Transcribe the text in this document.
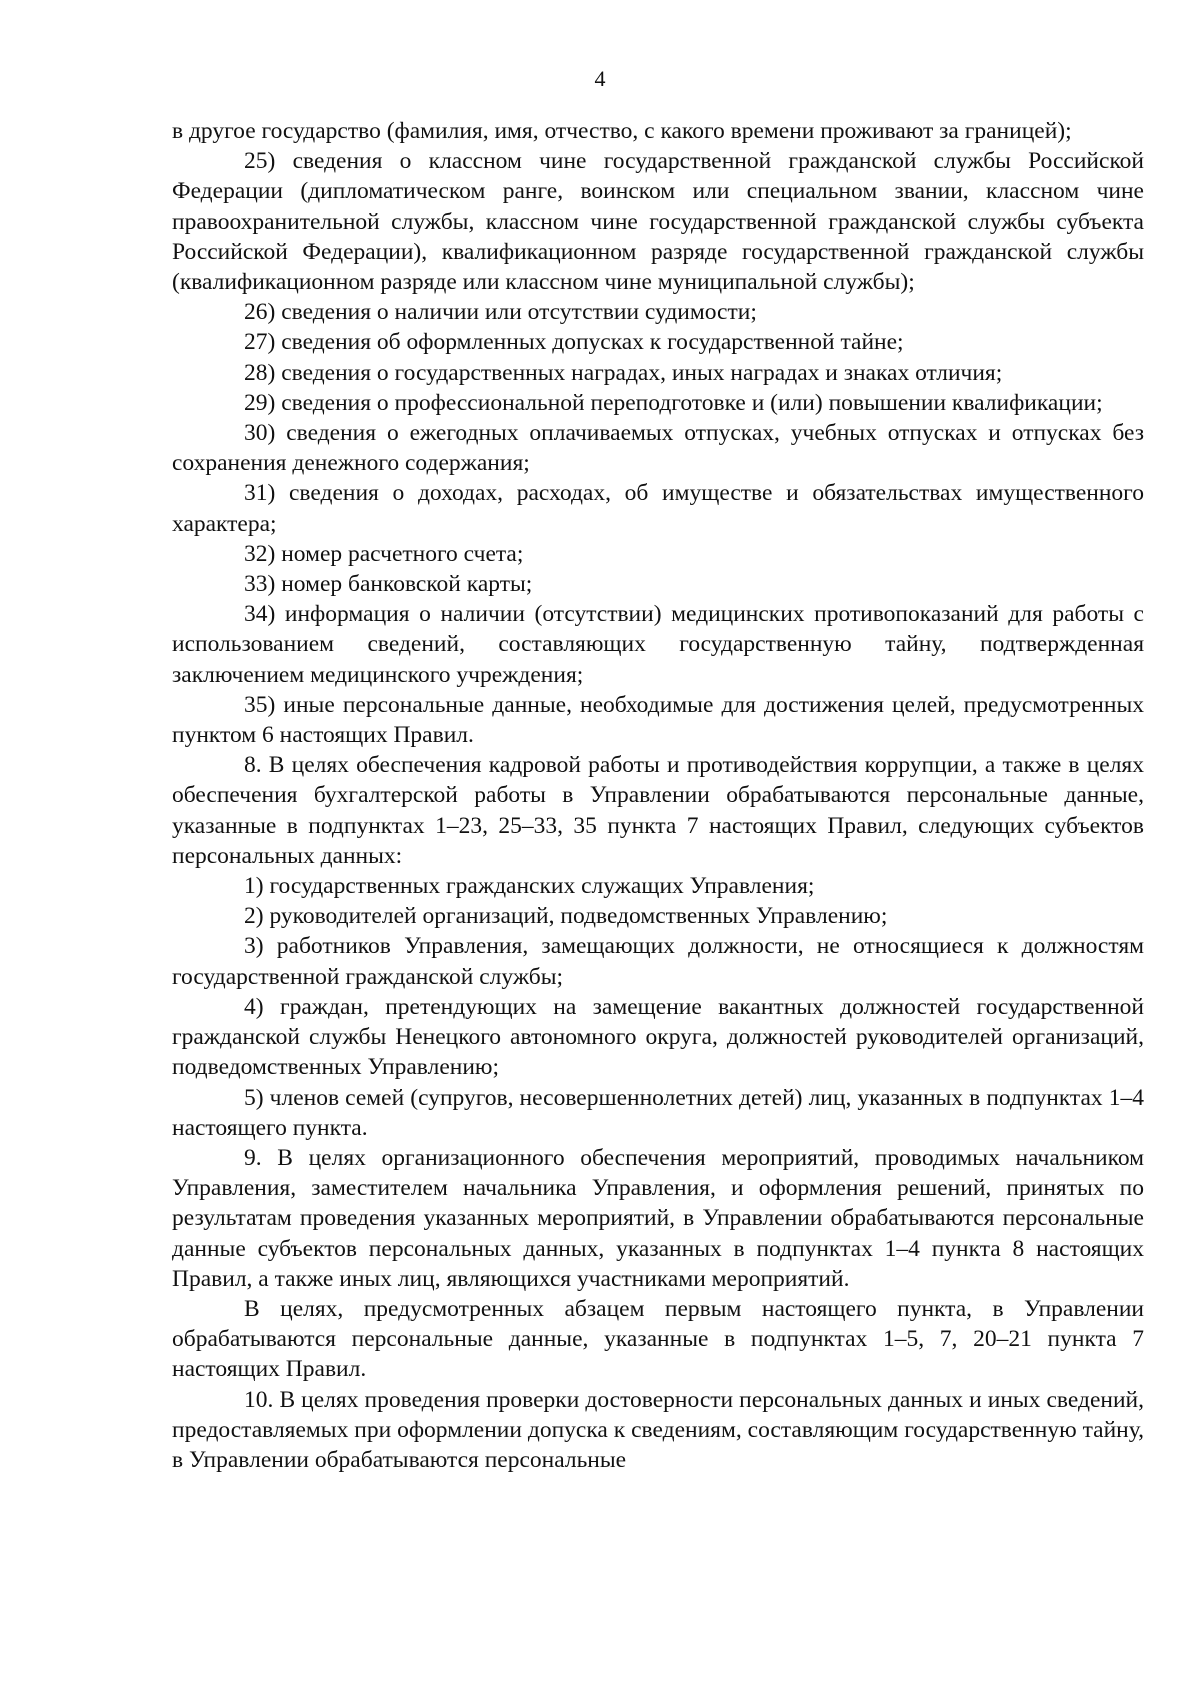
4

в другое государство (фамилия, имя, отчество, с какого времени проживают за границей);

25) сведения о классном чине государственной гражданской службы Российской Федерации (дипломатическом ранге, воинском или специальном звании, классном чине правоохранительной службы, классном чине государственной гражданской службы субъекта Российской Федерации), квалификационном разряде государственной гражданской службы (квалификационном разряде или классном чине муниципальной службы);

26) сведения о наличии или отсутствии судимости;

27) сведения об оформленных допусках к государственной тайне;

28) сведения о государственных наградах, иных наградах и знаках отличия;

29) сведения о профессиональной переподготовке и (или) повышении квалификации;

30) сведения о ежегодных оплачиваемых отпусках, учебных отпусках и отпусках без сохранения денежного содержания;

31) сведения о доходах, расходах, об имуществе и обязательствах имущественного характера;

32) номер расчетного счета;

33) номер банковской карты;

34) информация о наличии (отсутствии) медицинских противопоказаний для работы с использованием сведений, составляющих государственную тайну, подтвержденная заключением медицинского учреждения;

35) иные персональные данные, необходимые для достижения целей, предусмотренных пунктом 6 настоящих Правил.

8. В целях обеспечения кадровой работы и противодействия коррупции, а также в целях обеспечения бухгалтерской работы в Управлении обрабатываются персональные данные, указанные в подпунктах 1–23, 25–33, 35 пункта 7 настоящих Правил, следующих субъектов персональных данных:

1) государственных гражданских служащих Управления;

2) руководителей организаций, подведомственных Управлению;

3) работников Управления, замещающих должности, не относящиеся к должностям государственной гражданской службы;

4) граждан, претендующих на замещение вакантных должностей государственной гражданской службы Ненецкого автономного округа, должностей руководителей организаций, подведомственных Управлению;

5) членов семей (супругов, несовершеннолетних детей) лиц, указанных в подпунктах 1–4 настоящего пункта.

9. В целях организационного обеспечения мероприятий, проводимых начальником Управления, заместителем начальника Управления, и оформления решений, принятых по результатам проведения указанных мероприятий, в Управлении обрабатываются персональные данные субъектов персональных данных, указанных в подпунктах 1–4 пункта 8 настоящих Правил, а также иных лиц, являющихся участниками мероприятий.

В целях, предусмотренных абзацем первым настоящего пункта, в Управлении обрабатываются персональные данные, указанные в подпунктах 1–5, 7, 20–21 пункта 7 настоящих Правил.

10. В целях проведения проверки достоверности персональных данных и иных сведений, предоставляемых при оформлении допуска к сведениям, составляющим государственную тайну, в Управлении обрабатываются персональные
